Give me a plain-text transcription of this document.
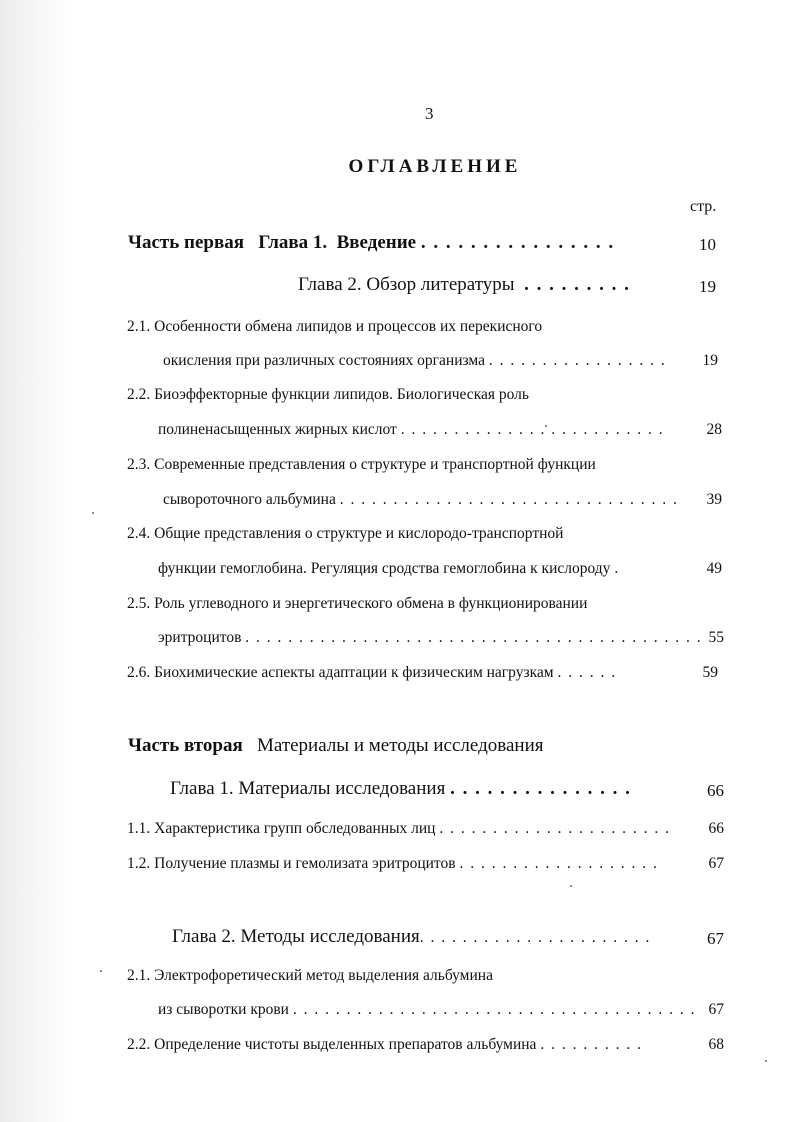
3
ОГЛАВЛЕНИЕ
стр.
Часть первая Глава 1. Введение . . . . . . . . . . . . . . . .	10
Глава 2. Обзор литературы . . . . . . . . .	19
2.1. Особенности обмена липидов и процессов их перекисного
окисления при различных состояниях организма . . . . . . . . . . . . . . . . .	19
2.2. Биоэффекторные функции липидов. Биологическая роль
полиненасыщенных жирных кислот . . . . . . . . . . . . . . . . . . . . . . . . .	28
2.3. Современные представления о структуре и транспортной функции
сывороточного альбумина . . . . . . . . . . . . . . . . . . . . . . . . . . . . . . . .	39
2.4. Общие представления о структуре и кислородо-транспортной
функции гемоглобина. Регуляция сродства гемоглобина к кислороду .	49
2.5. Роль углеводного и энергетического обмена в функционировании
эритроцитов . . . . . . . . . . . . . . . . . . . . . . . . . . . . . . . . . . . . . . . . . . . 55
2.6. Биохимические аспекты адаптации к физическим нагрузкам . . . . . .	59
Часть вторая Материалы и методы исследования
Глава 1. Материалы исследования . . . . . . . . . . . . . . .	66
1.1. Характеристика групп обследованных лиц . . . . . . . . . . . . . . . . . . . . . .	66
1.2. Получение плазмы и гемолизата эритроцитов . . . . . . . . . . . . . . . . . . .	67
Глава 2. Методы исследования. . . . . . . . . . . . . . . . . . . . . .	67
2.1. Электрофоретический метод выделения альбумина
из сыворотки крови . . . . . . . . . . . . . . . . . . . . . . . . . . . . . . . . . . . . . . 67
2.2. Определение чистоты выделенных препаратов альбумина . . . . . . . . . .	68
